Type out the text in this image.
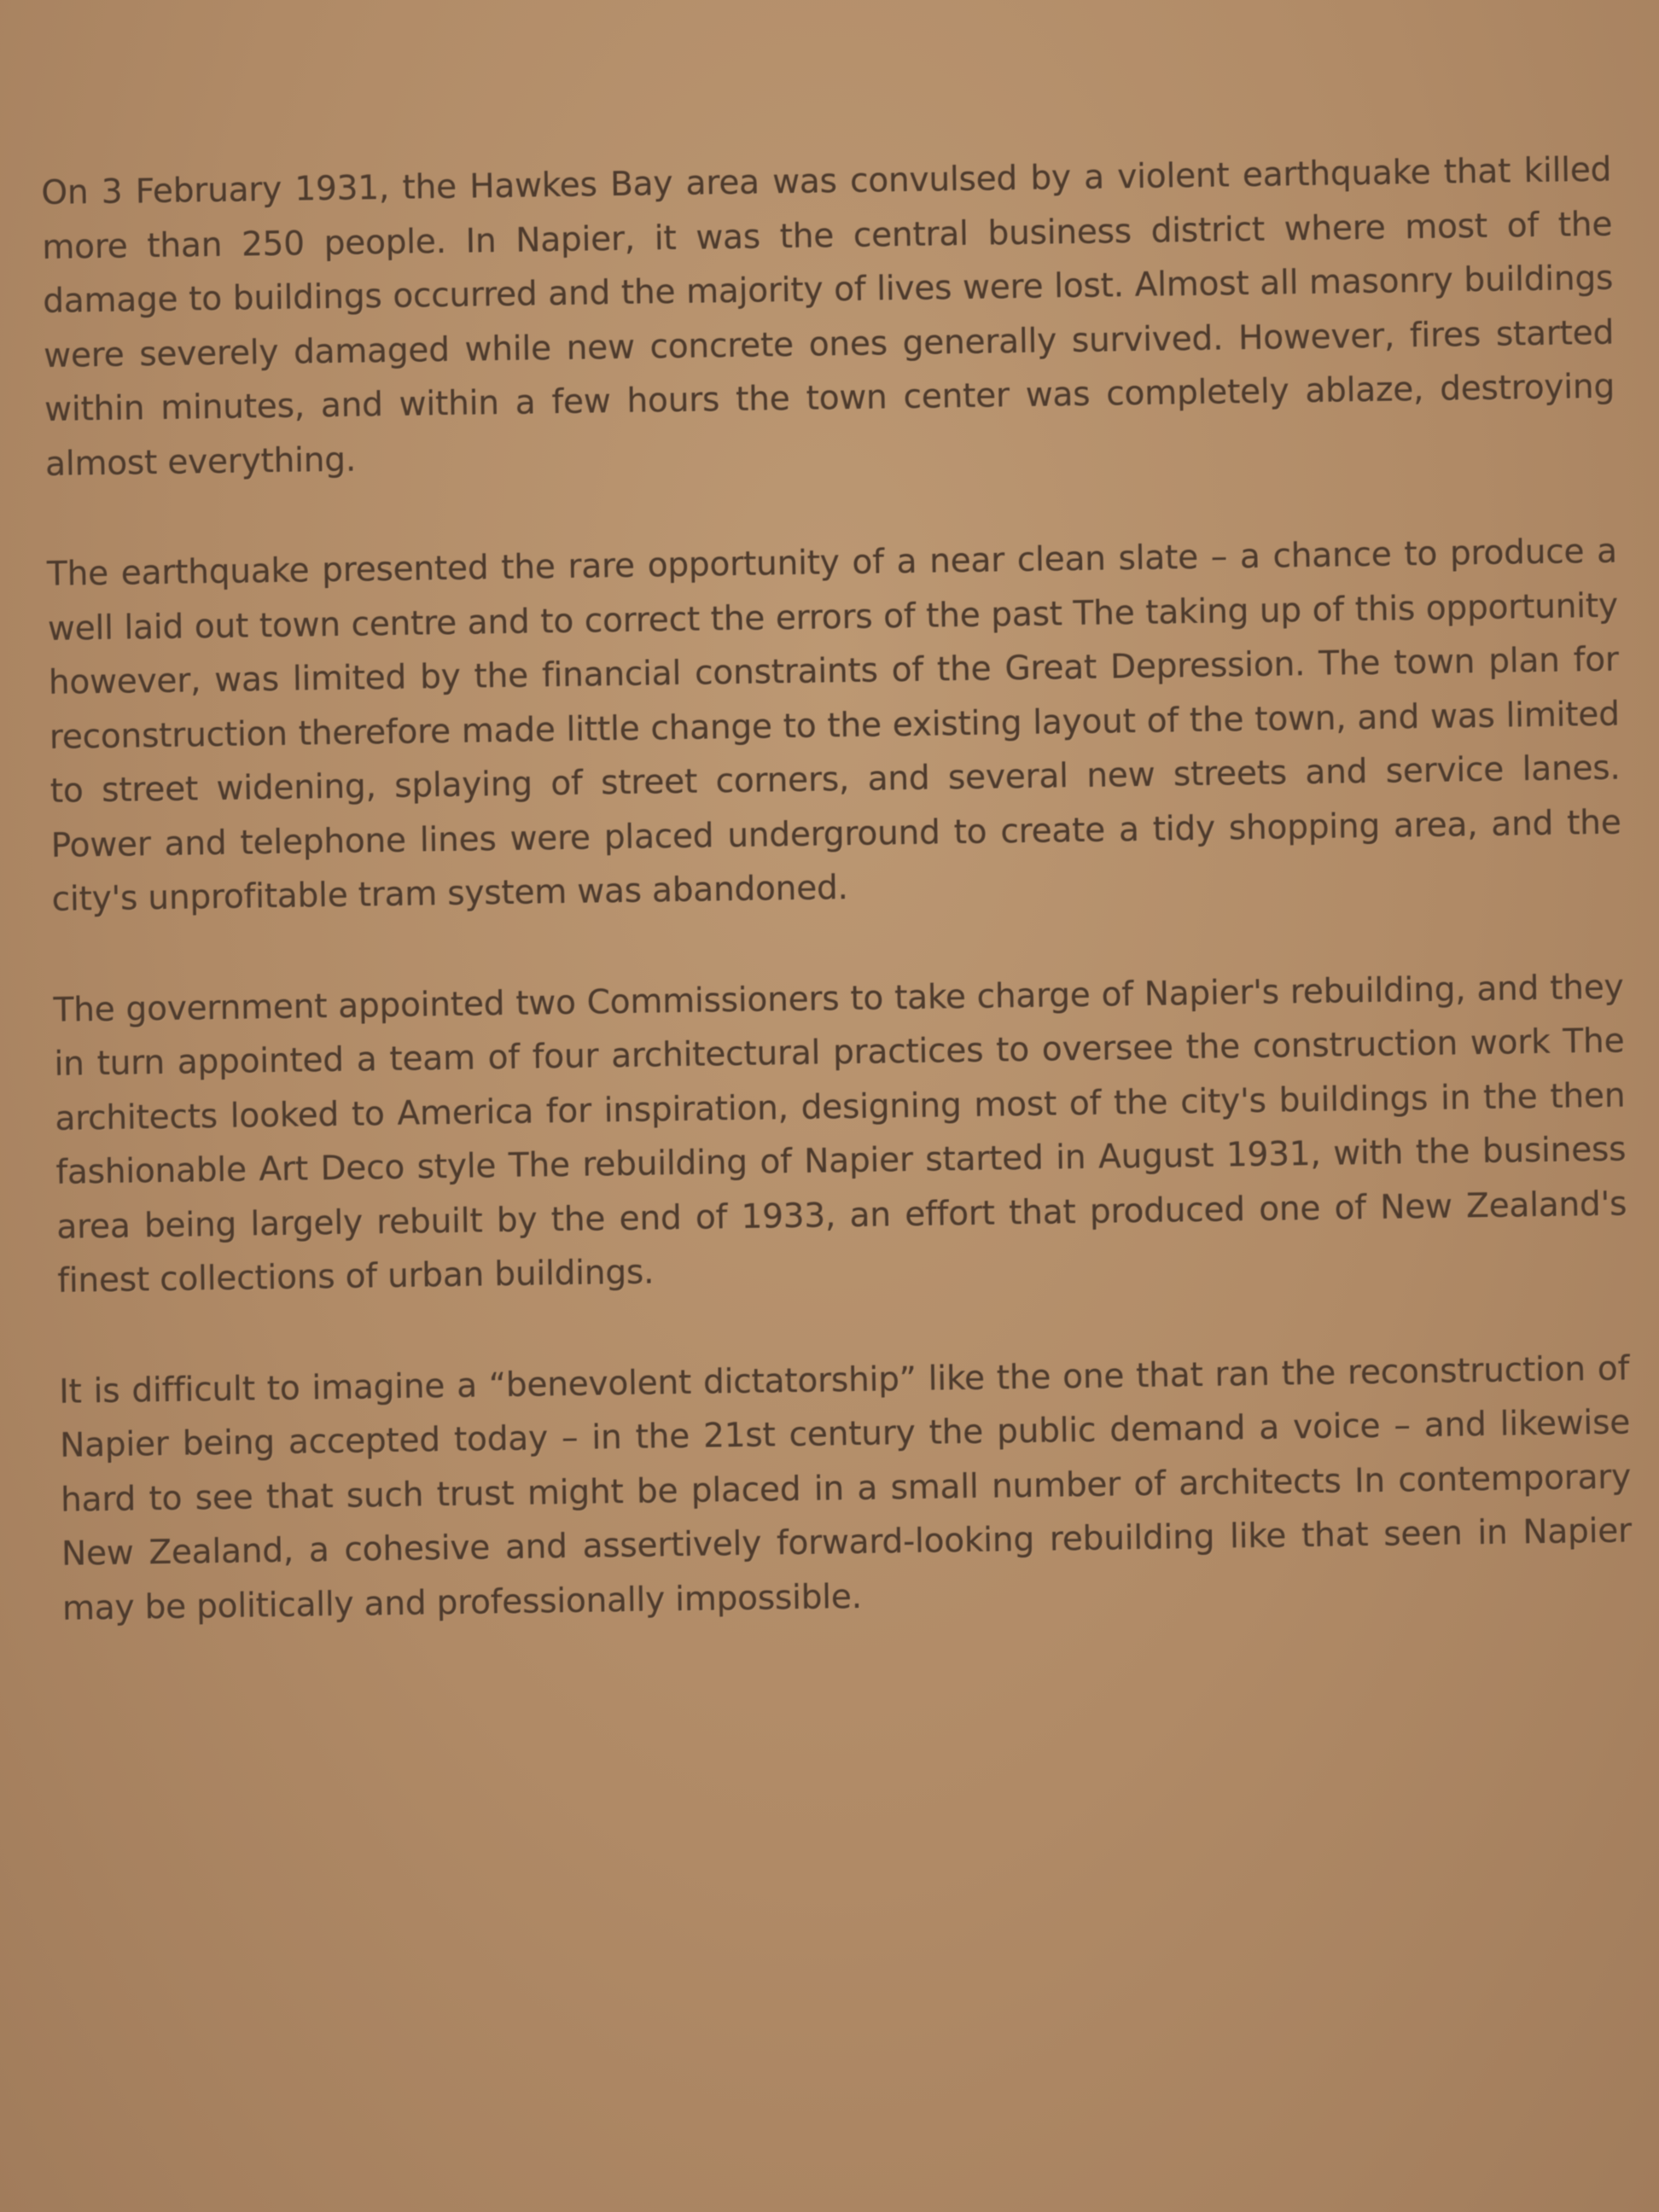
On 3 February 1931, the Hawkes Bay area was convulsed by a violent earthquake that killed more than 250 people. In Napier, it was the central business district where most of the damage to buildings occurred and the majority of lives were lost. Almost all masonry buildings were severely damaged while new concrete ones generally survived. However, fires started within minutes, and within a few hours the town center was completely ablaze, destroying almost everything.

The earthquake presented the rare opportunity of a near clean slate – a chance to produce a well laid out town centre and to correct the errors of the past The taking up of this opportunity however, was limited by the financial constraints of the Great Depression. The town plan for reconstruction therefore made little change to the existing layout of the town, and was limited to street widening, splaying of street corners, and several new streets and service lanes. Power and telephone lines were placed underground to create a tidy shopping area, and the city's unprofitable tram system was abandoned.

The government appointed two Commissioners to take charge of Napier's rebuilding, and they in turn appointed a team of four architectural practices to oversee the construction work The architects looked to America for inspiration, designing most of the city's buildings in the then fashionable Art Deco style The rebuilding of Napier started in August 1931, with the business area being largely rebuilt by the end of 1933, an effort that produced one of New Zealand's finest collections of urban buildings.

It is difficult to imagine a “benevolent dictatorship” like the one that ran the reconstruction of Napier being accepted today – in the 21st century the public demand a voice – and likewise hard to see that such trust might be placed in a small number of architects In contemporary New Zealand, a cohesive and assertively forward-looking rebuilding like that seen in Napier may be politically and professionally impossible.
